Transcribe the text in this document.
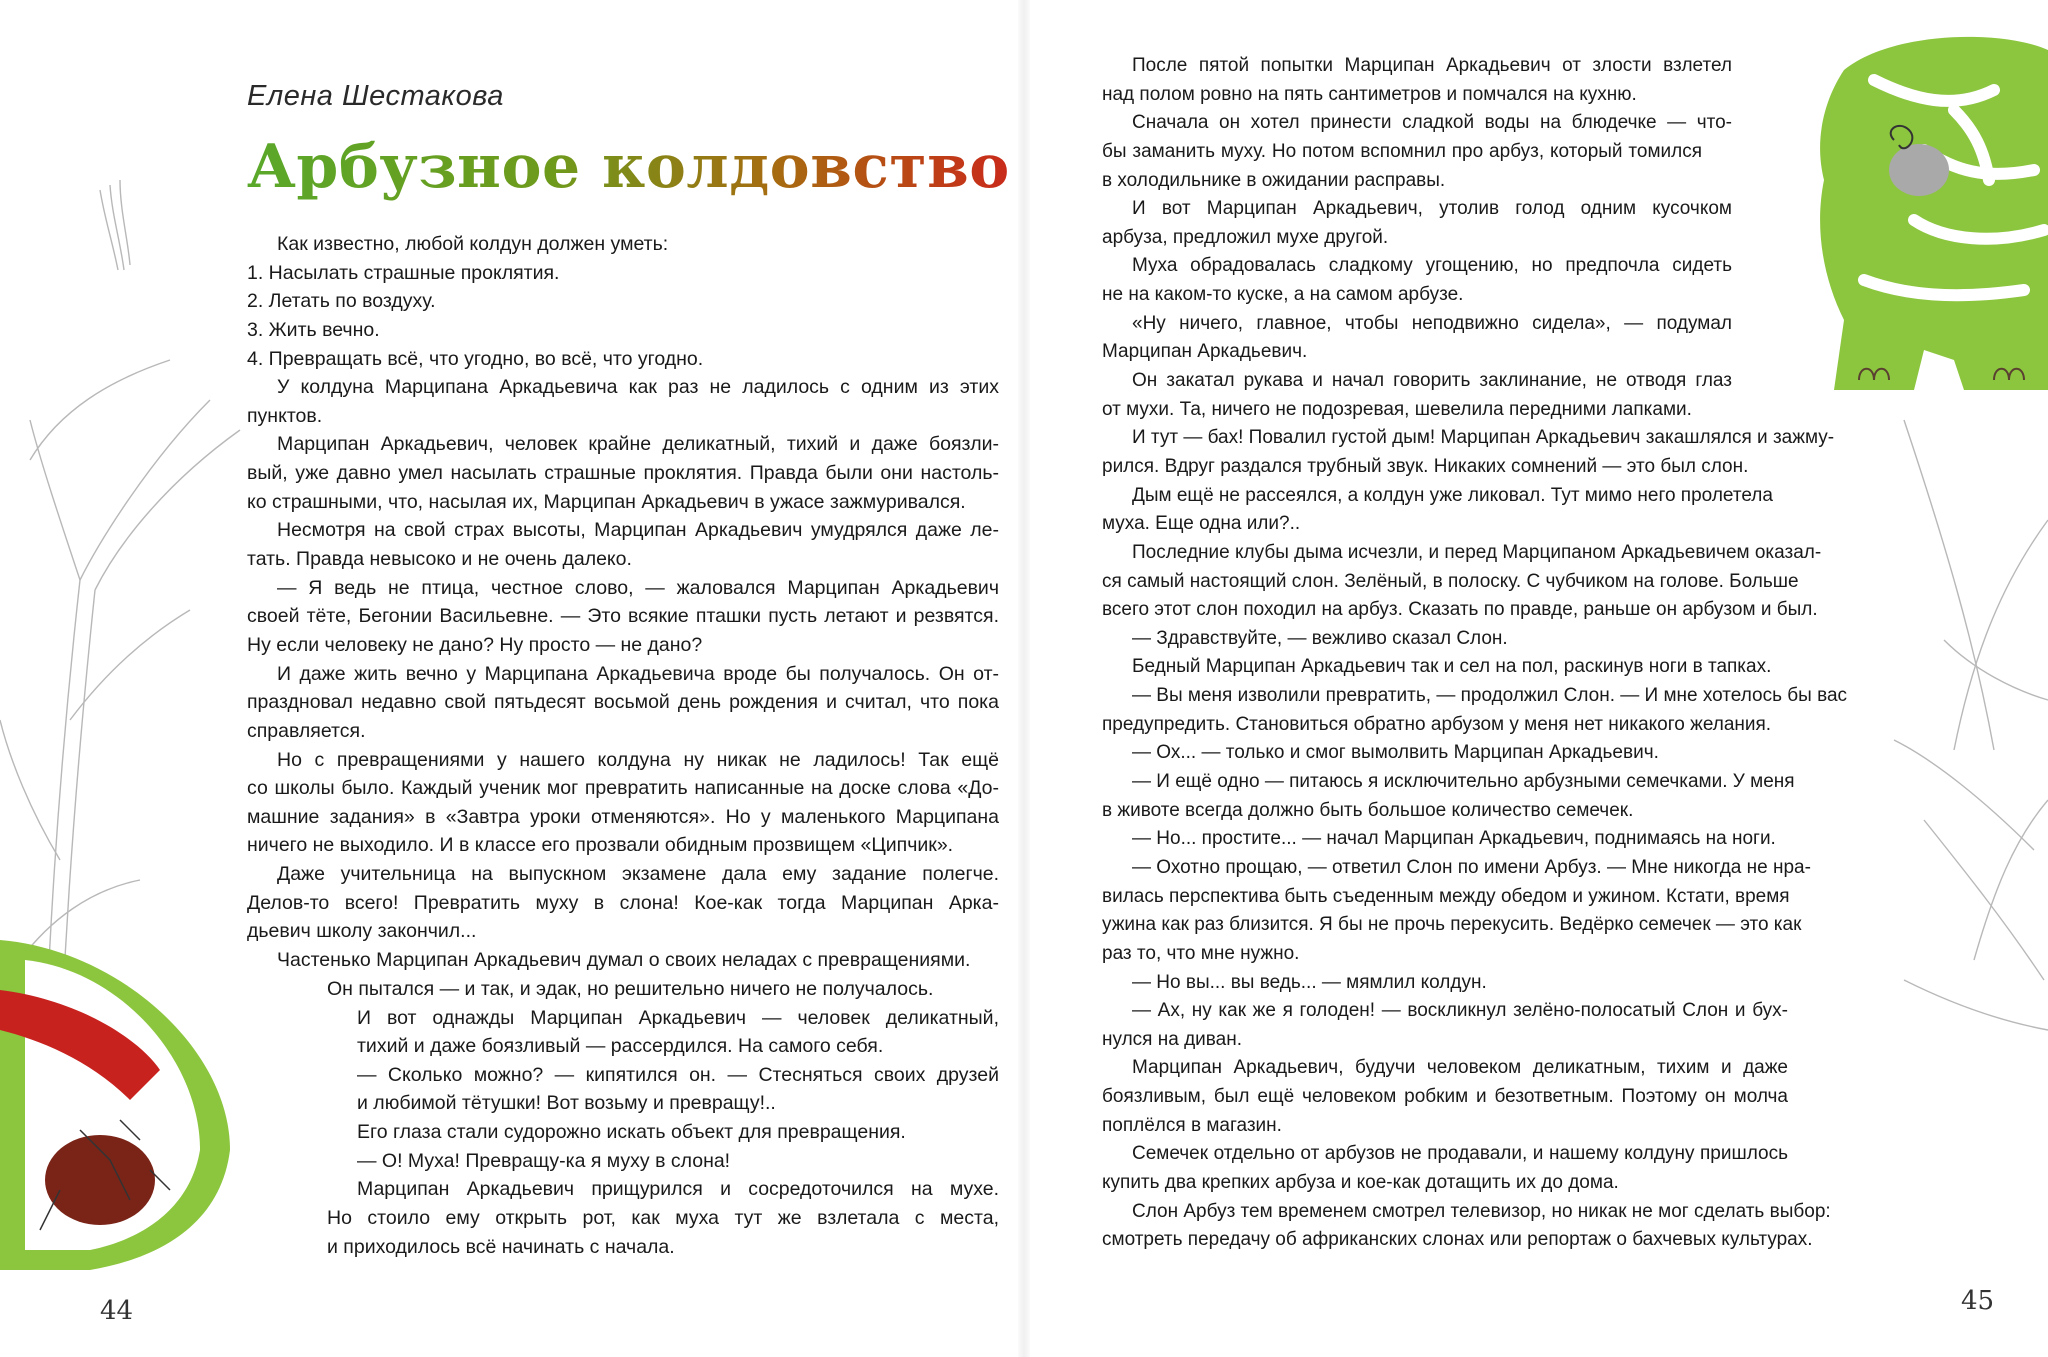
Елена Шестакова
Арбузное колдовство
Как известно, любой колдун должен уметь:
1. Насылать страшные проклятия.
2. Летать по воздуху.
3. Жить вечно.
4. Превращать всё, что угодно, во всё, что угодно.
У колдуна Марципана Аркадьевича как раз не ладилось с одним из этих
пунктов.
Марципан Аркадьевич, человек крайне деликатный, тихий и даже боязли-
вый, уже давно умел насылать страшные проклятия. Правда были они настоль-
ко страшными, что, насылая их, Марципан Аркадьевич в ужасе зажмуривался.
Несмотря на свой страх высоты, Марципан Аркадьевич умудрялся даже ле-
тать. Правда невысоко и не очень далеко.
— Я ведь не птица, честное слово, — жаловался Марципан Аркадьевич
своей тёте, Бегонии Васильевне. — Это всякие пташки пусть летают и резвятся.
Ну если человеку не дано? Ну просто — не дано?
И даже жить вечно у Марципана Аркадьевича вроде бы получалось. Он от-
праздновал недавно свой пятьдесят восьмой день рождения и считал, что пока
справляется.
Но с превращениями у нашего колдуна ну никак не ладилось! Так ещё
со школы было. Каждый ученик мог превратить написанные на доске слова «До-
машние задания» в «Завтра уроки отменяются». Но у маленького Марципана
ничего не выходило. И в классе его прозвали обидным прозвищем «Ципчик».
Даже учительница на выпускном экзамене дала ему задание полегче.
Делов-то всего! Превратить муху в слона! Кое-как тогда Марципан Арка-
дьевич школу закончил...
Частенько Марципан Аркадьевич думал о своих неладах с превращениями.
Он пытался — и так, и эдак, но решительно ничего не получалось.
И вот однажды Марципан Аркадьевич — человек деликатный,
тихий и даже боязливый — рассердился. На самого себя.
— Сколько можно? — кипятился он. — Стесняться своих друзей
и любимой тётушки! Вот возьму и превращу!..
Его глаза стали судорожно искать объект для превращения.
— О! Муха! Превращу-ка я муху в слона!
Марципан Аркадьевич прищурился и сосредоточился на мухе.
Но стоило ему открыть рот, как муха тут же взлетала с места,
и приходилось всё начинать с начала.
44
После пятой попытки Марципан Аркадьевич от злости взлетел
над полом ровно на пять сантиметров и помчался на кухню.
Сначала он хотел принести сладкой воды на блюдечке — что-
бы заманить муху. Но потом вспомнил про арбуз, который томился
в холодильнике в ожидании расправы.
И вот Марципан Аркадьевич, утолив голод одним кусочком
арбуза, предложил мухе другой.
Муха обрадовалась сладкому угощению, но предпочла сидеть
не на каком-то куске, а на самом арбузе.
«Ну ничего, главное, чтобы неподвижно сидела», — подумал
Марципан Аркадьевич.
Он закатал рукава и начал говорить заклинание, не отводя глаз
от мухи. Та, ничего не подозревая, шевелила передними лапками.
И тут — бах! Повалил густой дым! Марципан Аркадьевич закашлялся и зажму-
рился. Вдруг раздался трубный звук. Никаких сомнений — это был слон.
Дым ещё не рассеялся, а колдун уже ликовал. Тут мимо него пролетела
муха. Еще одна или?..
Последние клубы дыма исчезли, и перед Марципаном Аркадьевичем оказал-
ся самый настоящий слон. Зелёный, в полоску. С чубчиком на голове. Больше
всего этот слон походил на арбуз. Сказать по правде, раньше он арбузом и был.
— Здравствуйте, — вежливо сказал Слон.
Бедный Марципан Аркадьевич так и сел на пол, раскинув ноги в тапках.
— Вы меня изволили превратить, — продолжил Слон. — И мне хотелось бы вас
предупредить. Становиться обратно арбузом у меня нет никакого желания.
— Ох... — только и смог вымолвить Марципан Аркадьевич.
— И ещё одно — питаюсь я исключительно арбузными семечками. У меня
в животе всегда должно быть большое количество семечек.
— Но... простите... — начал Марципан Аркадьевич, поднимаясь на ноги.
— Охотно прощаю, — ответил Слон по имени Арбуз. — Мне никогда не нра-
вилась перспектива быть съеденным между обедом и ужином. Кстати, время
ужина как раз близится. Я бы не прочь перекусить. Ведёрко семечек — это как
раз то, что мне нужно.
— Но вы... вы ведь... — мямлил колдун.
— Ах, ну как же я голоден! — воскликнул зелёно-полосатый Слон и бух-
нулся на диван.
Марципан Аркадьевич, будучи человеком деликатным, тихим и даже
боязливым, был ещё человеком робким и безответным. Поэтому он молча
поплёлся в магазин.
Семечек отдельно от арбузов не продавали, и нашему колдуну пришлось
купить два крепких арбуза и кое-как дотащить их до дома.
Слон Арбуз тем временем смотрел телевизор, но никак не мог сделать выбор:
смотреть передачу об африканских слонах или репортаж о бахчевых культурах.
45
